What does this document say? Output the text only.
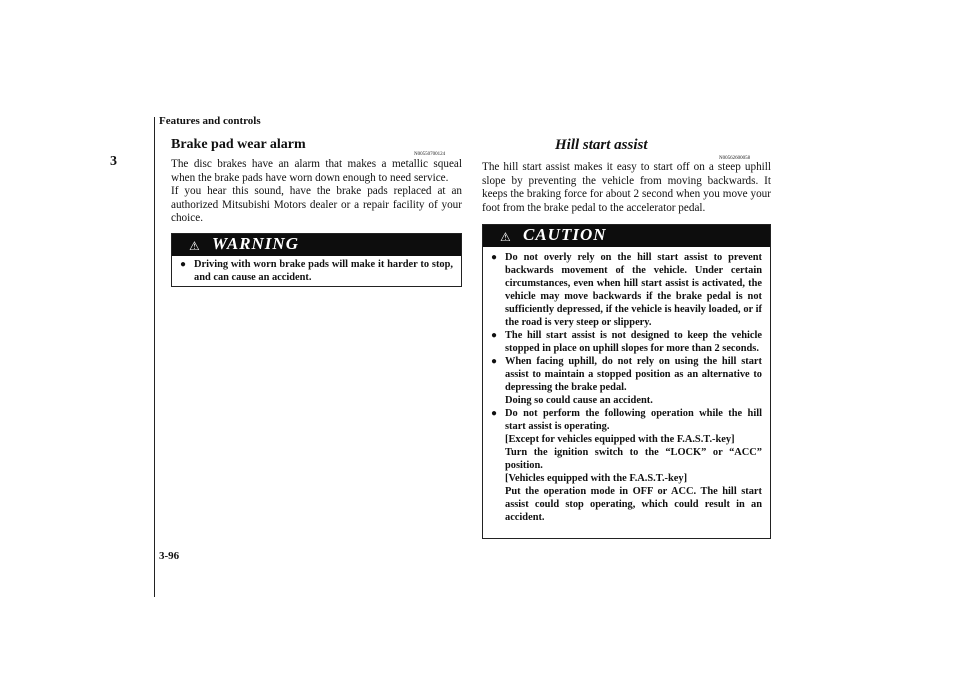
3
Features and controls
3-96
Brake pad wear alarm
N00550700124

The disc brakes have an alarm that makes a metallic squeal when the brake pads have worn down enough to need service.

If you hear this sound, have the brake pads replaced at an authorized Mitsubishi Motors dealer or a repair facility of your choice.

⚠ WARNING
● Driving with worn brake pads will make it harder to stop, and can cause an accident.
Hill start assist
N00562600058

The hill start assist makes it easy to start off on a steep uphill slope by preventing the vehicle from moving backwards. It keeps the braking force for about 2 second when you move your foot from the brake pedal to the accelerator pedal.

⚠ CAUTION
● Do not overly rely on the hill start assist to prevent backwards movement of the vehicle. Under certain circumstances, even when hill start assist is activated, the vehicle may move backwards if the brake pedal is not sufficiently depressed, if the vehicle is heavily loaded, or if the road is very steep or slippery.
● The hill start assist is not designed to keep the vehicle stopped in place on uphill slopes for more than 2 seconds.
● When facing uphill, do not rely on using the hill start assist to maintain a stopped position as an alternative to depressing the brake pedal.
Doing so could cause an accident.
● Do not perform the following operation while the hill start assist is operating.
[Except for vehicles equipped with the F.A.S.T.-key]
Turn the ignition switch to the “LOCK” or “ACC” position.
[Vehicles equipped with the F.A.S.T.-key]
Put the operation mode in OFF or ACC. The hill start assist could stop operating, which could result in an accident.
